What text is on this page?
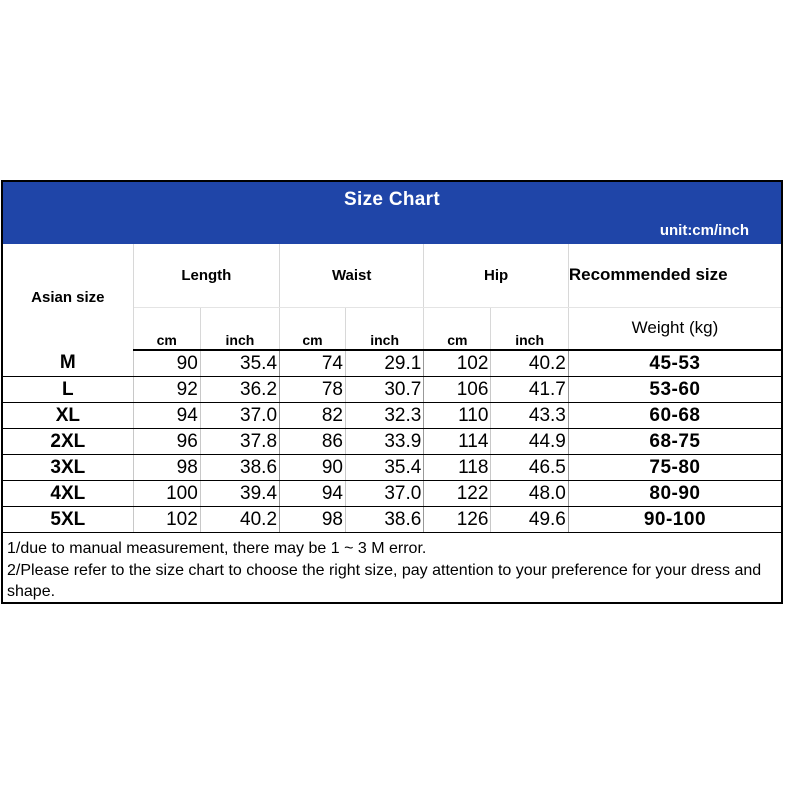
Size Chart
unit:cm/inch
Asian size	Length		Waist		Hip		Recommended size
	cm	inch	cm	inch	cm	inch	Weight (kg)
M	90	35.4	74	29.1	102	40.2	45-53
L	92	36.2	78	30.7	106	41.7	53-60
XL	94	37.0	82	32.3	110	43.3	60-68
2XL	96	37.8	86	33.9	114	44.9	68-75
3XL	98	38.6	90	35.4	118	46.5	75-80
4XL	100	39.4	94	37.0	122	48.0	80-90
5XL	102	40.2	98	38.6	126	49.6	90-100
1/due to manual measurement, there may be 1 ~ 3 M error.
2/Please refer to the size chart to choose the right size, pay attention to your preference for your dress and shape.
